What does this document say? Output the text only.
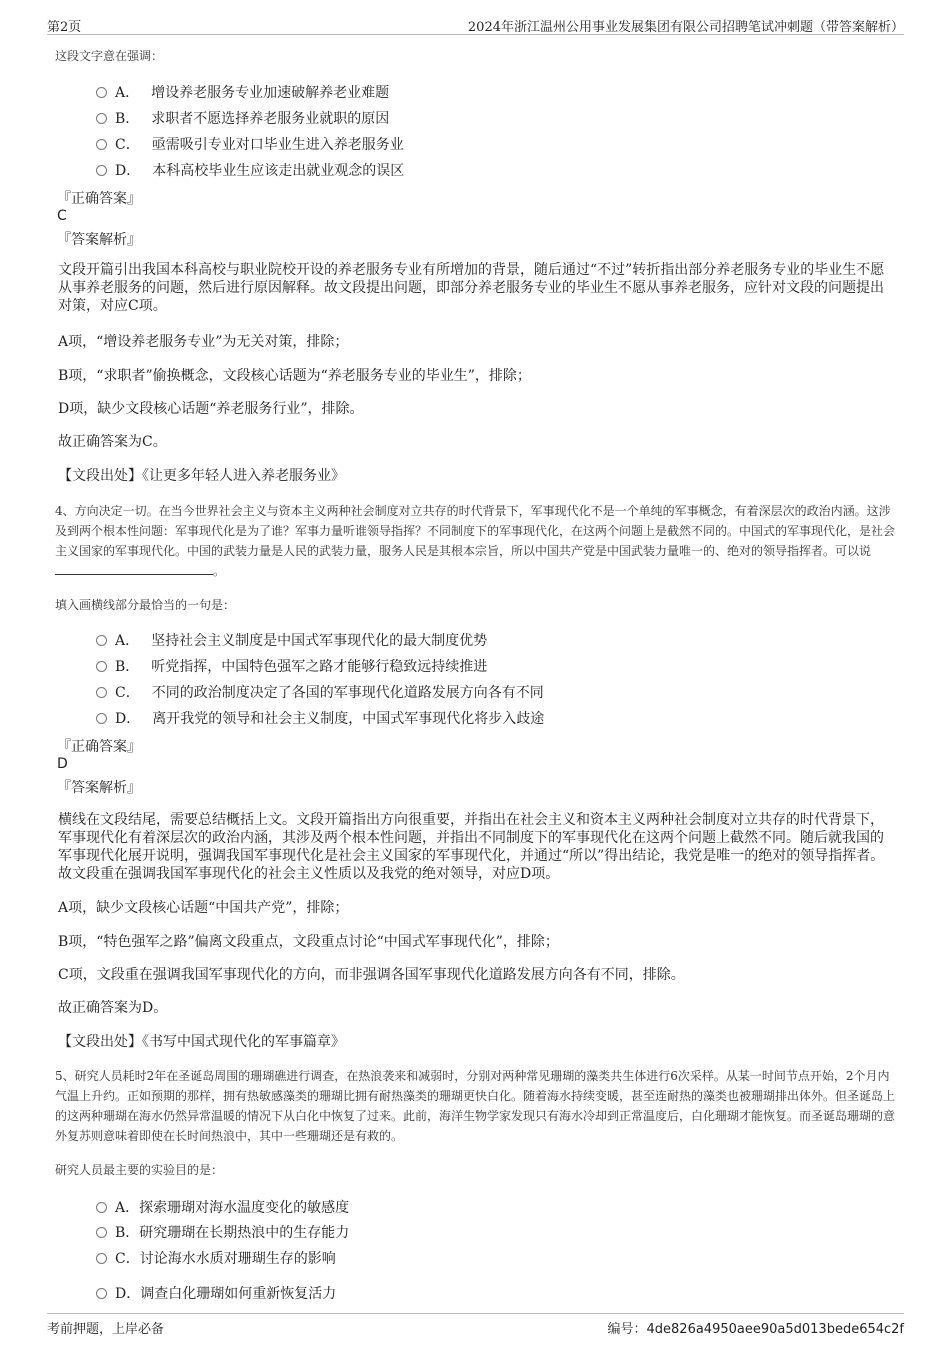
第2页	2024年浙江温州公用事业发展集团有限公司招聘笔试冲刺题（带答案解析）
这段文字意在强调：
A． 增设养老服务专业加速破解养老业难题
B． 求职者不愿选择养老服务业就职的原因
C． 亟需吸引专业对口毕业生进入养老服务业
D． 本科高校毕业生应该走出就业观念的误区
『正确答案』
C
『答案解析』
文段开篇引出我国本科高校与职业院校开设的养老服务专业有所增加的背景，随后通过“不过”转折指出部分养老服务专业的毕业生不愿从事养老服务的问题，然后进行原因解释。故文段提出问题，即部分养老服务专业的毕业生不愿从事养老服务，应针对文段的问题提出对策，对应C项。
A项，“增设养老服务专业”为无关对策，排除；
B项，“求职者”偷换概念，文段核心话题为“养老服务专业的毕业生”，排除；
D项，缺少文段核心话题“养老服务行业”，排除。
故正确答案为C。
【文段出处】《让更多年轻人进入养老服务业》
4、方向决定一切。在当今世界社会主义与资本主义两种社会制度对立共存的时代背景下，军事现代化不是一个单纯的军事概念，有着深层次的政治内涵。这涉及到两个根本性问题：军事现代化是为了谁？军事力量听谁领导指挥？不同制度下的军事现代化，在这两个问题上是截然不同的。中国式的军事现代化，是社会主义国家的军事现代化。中国的武装力量是人民的武装力量，服务人民是其根本宗旨，所以中国共产党是中国武装力量唯一的、绝对的领导指挥者。可以说。
填入画横线部分最恰当的一句是：
A． 坚持社会主义制度是中国式军事现代化的最大制度优势
B． 听党指挥，中国特色强军之路才能够行稳致远持续推进
C． 不同的政治制度决定了各国的军事现代化道路发展方向各有不同
D． 离开我党的领导和社会主义制度，中国式军事现代化将步入歧途
『正确答案』
D
『答案解析』
横线在文段结尾，需要总结概括上文。文段开篇指出方向很重要，并指出在社会主义和资本主义两种社会制度对立共存的时代背景下，军事现代化有着深层次的政治内涵，其涉及两个根本性问题，并指出不同制度下的军事现代化在这两个问题上截然不同。随后就我国的军事现代化展开说明，强调我国军事现代化是社会主义国家的军事现代化，并通过“所以”得出结论，我党是唯一的绝对的领导指挥者。故文段重在强调我国军事现代化的社会主义性质以及我党的绝对领导，对应D项。
A项，缺少文段核心话题“中国共产党”，排除；
B项，“特色强军之路”偏离文段重点，文段重点讨论“中国式军事现代化”，排除；
C项，文段重在强调我国军事现代化的方向，而非强调各国军事现代化道路发展方向各有不同，排除。
故正确答案为D。
【文段出处】《书写中国式现代化的军事篇章》
5、研究人员耗时2年在圣诞岛周围的珊瑚礁进行调查，在热浪袭来和减弱时，分别对两种常见珊瑚的藻类共生体进行6次采样。从某一时间节点开始，2个月内气温上升约。正如预期的那样，拥有热敏感藻类的珊瑚比拥有耐热藻类的珊瑚更快白化。随着海水持续变暖，甚至连耐热的藻类也被珊瑚排出体外。但圣诞岛上的这两种珊瑚在海水仍然异常温暖的情况下从白化中恢复了过来。此前，海洋生物学家发现只有海水冷却到正常温度后，白化珊瑚才能恢复。而圣诞岛珊瑚的意外复苏则意味着即使在长时间热浪中，其中一些珊瑚还是有救的。
研究人员最主要的实验目的是：
A．探索珊瑚对海水温度变化的敏感度
B．研究珊瑚在长期热浪中的生存能力
C．讨论海水水质对珊瑚生存的影响
D．调查白化珊瑚如何重新恢复活力
考前押题，上岸必备	编号：4de826a4950aee90a5d013bede654c2f
